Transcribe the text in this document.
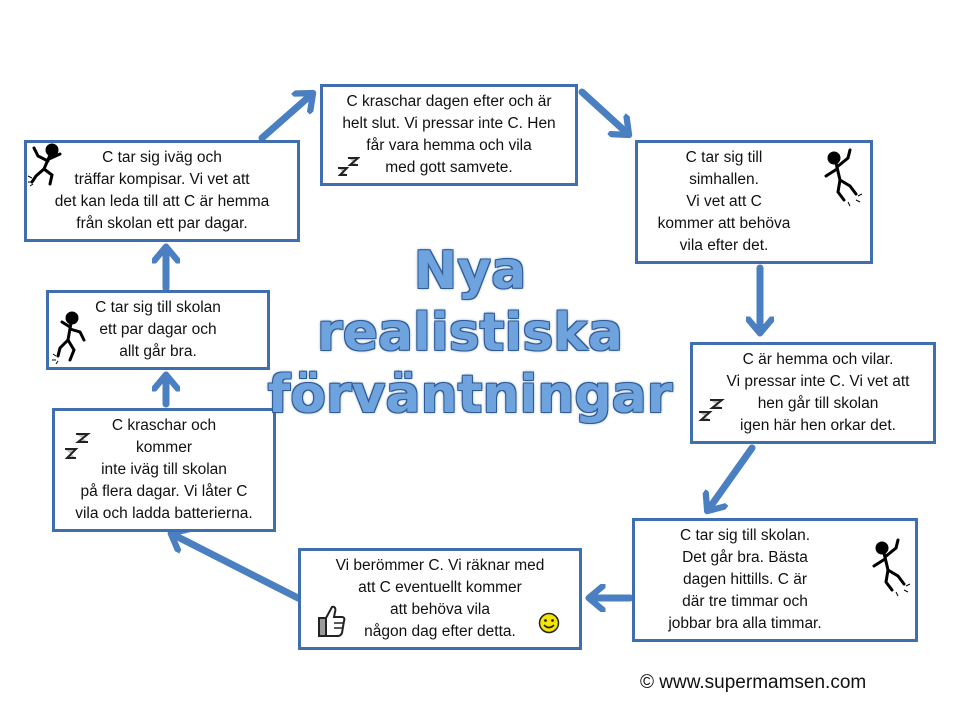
C kraschar dagen efter och är
helt slut. Vi pressar inte C. Hen
får vara hemma och vila
med gott samvete.
C tar sig till
simhallen.
Vi vet att C
kommer att behöva
vila efter det.
C är hemma och vilar.
Vi pressar inte C. Vi vet att
hen går till skolan
igen här hen orkar det.
C tar sig till skolan.
Det går bra. Bästa
dagen hittills. C är
där tre timmar och
jobbar bra alla timmar.
Vi berömmer C. Vi räknar med
att C eventuellt kommer
att behöva vila
någon dag efter detta.
C kraschar och
kommer
inte iväg till skolan
på flera dagar. Vi låter C
vila och ladda batterierna.
C tar sig till skolan
ett par dagar och
allt går bra.
C tar sig iväg och
träffar kompisar. Vi vet att
det kan leda till att C är hemma
från skolan ett par dagar.
Nya
realistiska
förväntningar
© www.supermamsen.com
